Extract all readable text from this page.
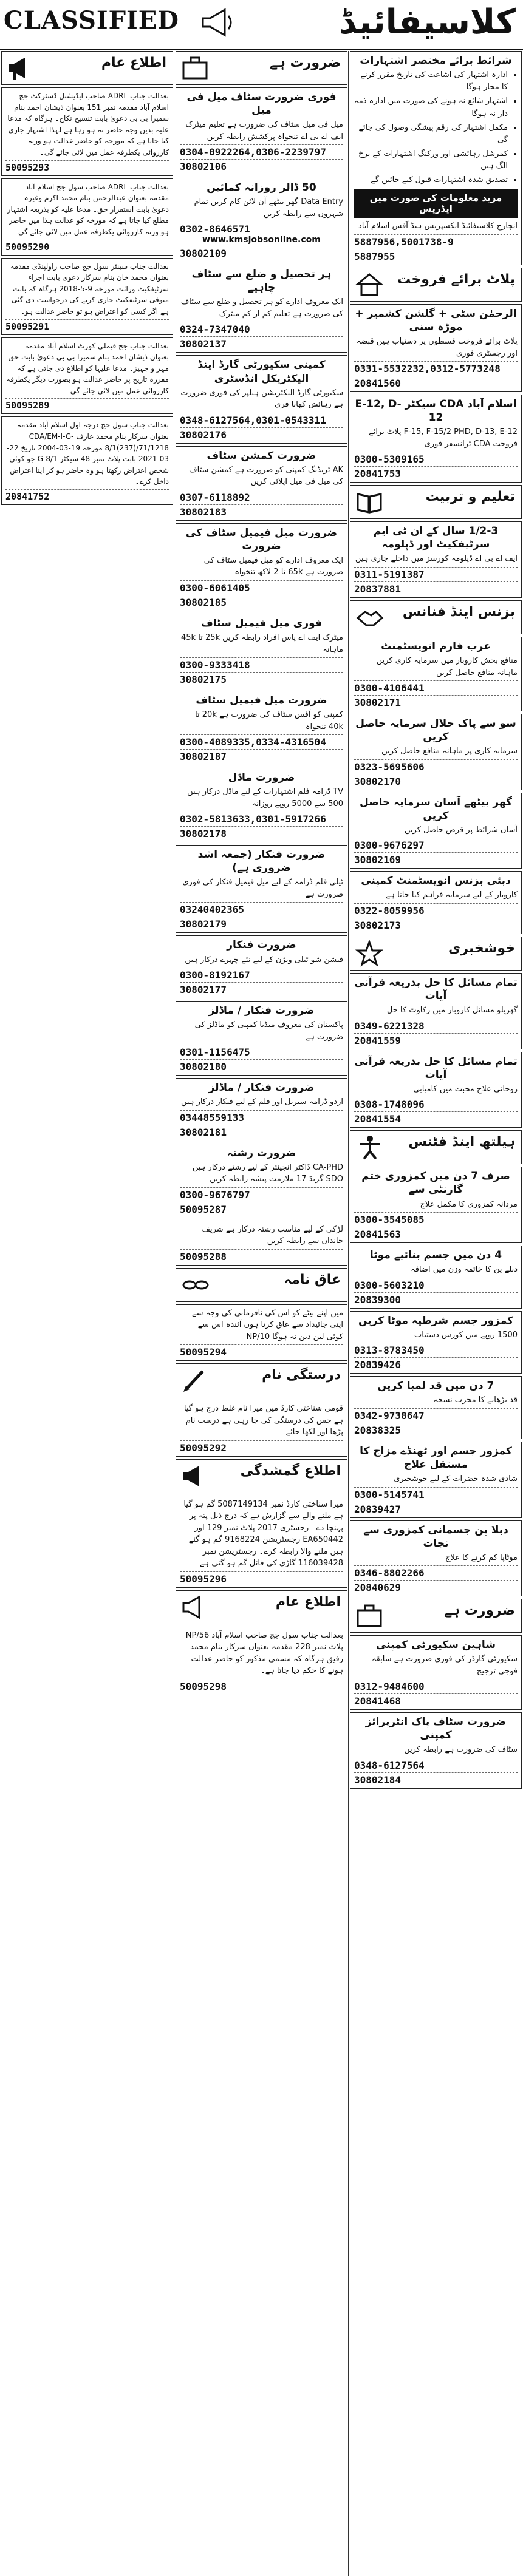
CLASSIFIED	کلاسیفائیڈ
اطلاع عام

بعدالت جناب ADRL صاحب ایڈیشنل ڈسٹرکٹ جج اسلام آباد مقدمہ نمبر 151 بعنوان ذیشان احمد بنام سمیرا بی بی دعویٰ بابت تنسیخ نکاح۔ ہرگاہ کہ مدعا علیہ بدیں وجہ حاضر نہ ہو رہا ہے لہذا اشتہار جاری کیا جاتا ہے کہ مورخہ کو حاضر عدالت ہو ورنہ کارروائی یکطرفہ عمل میں لائی جائے گی۔

50095293

بعدالت جناب ADRL صاحب سول جج اسلام آباد مقدمہ بعنوان عبدالرحمن بنام محمد اکرم وغیرہ دعویٰ بابت استقرار حق۔ مدعا علیہ کو بذریعہ اشتہار مطلع کیا جاتا ہے کہ مورخہ کو عدالت ہذا میں حاضر ہو ورنہ کارروائی یکطرفہ عمل میں لائی جائے گی۔

50095290

بعدالت جناب سینئر سول جج صاحب راولپنڈی مقدمہ بعنوان محمد خان بنام سرکار دعویٰ بابت اجراء سرٹیفکیٹ وراثت مورخہ 9-5-2018 ہرگاہ کہ بابت متوفی سرٹیفکیٹ جاری کرنے کی درخواست دی گئی ہے اگر کسی کو اعتراض ہو تو حاضر عدالت ہو۔

50095291

بعدالت جناب جج فیملی کورٹ اسلام آباد مقدمہ بعنوان ذیشان احمد بنام سمیرا بی بی دعویٰ بابت حق مہر و جہیز۔ مدعا علیہا کو اطلاع دی جاتی ہے کہ مقررہ تاریخ پر حاضر عدالت ہو بصورت دیگر یکطرفہ کارروائی عمل میں لائی جائے گی۔

50095289

بعدالت جناب سول جج درجہ اول اسلام آباد مقدمہ بعنوان سرکار بنام محمد عارف CDA/EM-I-G-8/1(237)/71/1218 مورخہ 19-03-2004 تاریخ 22-03-2021 بابت پلاٹ نمبر 48 سیکٹر G-8/1 جو کوئی شخص اعتراض رکھتا ہو وہ حاضر ہو کر اپنا اعتراض داخل کرے۔

20841752
ضرورت ہے
فوری ضرورت سٹاف میل فی میل

میل فی میل سٹاف کی ضرورت ہے تعلیم میٹرک ایف اے بی اے تنخواہ پرکشش رابطہ کریں

0304-0922264,0306-2239797
30802106
50 ڈالر روزانہ کمائیں

Data Entry گھر بیٹھے آن لائن کام کریں تمام شہروں سے رابطہ کریں

0302-8646571
www.kmsjobsonline.com
30802109
ہر تحصیل و ضلع سے سٹاف چاہیے

ایک معروف ادارے کو ہر تحصیل و ضلع سے سٹاف کی ضرورت ہے تعلیم کم از کم میٹرک

0324-7347040
30802137
کمپنی سکیورٹی گارڈ اینڈ الیکٹریکل انڈسٹری

سکیورٹی گارڈ الیکٹریشن ہیلپر کی فوری ضرورت ہے رہائش کھانا فری

0348-6127564,0301-0543311
30802176
ضرورت کمشن سٹاف

AK ٹریڈنگ کمپنی کو ضرورت ہے کمشن سٹاف کی میل فی میل اپلائی کریں

0307-6118892
30802183
ضرورت میل فیمیل سٹاف کی ضرورت

ایک معروف ادارے کو میل فیمیل سٹاف کی ضرورت ہے 65k تا 2 لاکھ تنخواہ

0300-6061405
30802185
فوری میل فیمیل سٹاف

میٹرک ایف اے پاس افراد رابطہ کریں 25k تا 45k ماہانہ

0300-9333418
30802175
ضرورت میل فیمیل سٹاف

کمپنی کو آفس سٹاف کی ضرورت ہے 20k تا 40k تنخواہ

0300-4089335,0334-4316504
30802187
ضرورت ماڈل

TV ڈرامہ فلم اشتہارات کے لیے ماڈل درکار ہیں 500 سے 5000 روپے روزانہ

0302-5813633,0301-5917266
30802178
ضرورت فنکار (جمعہ اشد ضروری ہے)

ٹیلی فلم ڈرامہ کے لیے میل فیمیل فنکار کی فوری ضرورت ہے

03240402365
30802179
ضرورت فنکار

فیشن شو ٹیلی ویژن کے لیے نئے چہرے درکار ہیں

0300-8192167
30802177
ضرورت فنکار / ماڈلز

پاکستان کی معروف میڈیا کمپنی کو ماڈلز کی ضرورت ہے

0301-1156475
30802180
ضرورت فنکار / ماڈلز

اردو ڈرامہ سیریل اور فلم کے لیے فنکار درکار ہیں

03448559133
30802181
ضرورت رشتہ

CA-PHD ڈاکٹر انجینئر کے لیے رشتے درکار ہیں SDO گریڈ 17 ملازمت پیشہ رابطہ کریں

0300-9676797
50095287

لڑکی کے لیے مناسب رشتہ درکار ہے شریف خاندان سے رابطہ کریں

50095288
عاق نامہ

میں اپنے بیٹے کو اس کی نافرمانی کی وجہ سے اپنی جائیداد سے عاق کرتا ہوں آئندہ اس سے کوئی لین دین نہ ہوگا 10/NP

50095294
درستگی نام

قومی شناختی کارڈ میں میرا نام غلط درج ہو گیا ہے جس کی درستگی کی جا رہی ہے درست نام پڑھا اور لکھا جائے

50095292
اطلاع گمشدگی

میرا شناختی کارڈ نمبر 5087149134 گم ہو گیا ہے ملنے والے سے گزارش ہے کہ درج ذیل پتہ پر پہنچا دے۔ رجسٹری 2017 پلاٹ نمبر 129 اور EA650442 رجسٹریشن 9168224 گم ہو گئے ہیں ملنے والا رابطہ کرے۔ رجسٹریشن نمبر 116039428 گاڑی کی فائل گم ہو گئی ہے۔

50095296
اطلاع عام

بعدالت جناب سول جج صاحب اسلام آباد 56/NP پلاٹ نمبر 228 مقدمہ بعنوان سرکار بنام محمد رفیق ہرگاہ کہ مسمی مذکور کو حاضر عدالت ہونے کا حکم دیا جاتا ہے۔

50095298
شرائط برائے مختصر اشتہارات
• ادارہ اشتہار کی اشاعت کی تاریخ مقرر کرنے کا مجاز ہوگا
• اشتہار شائع نہ ہونے کی صورت میں ادارہ ذمہ دار نہ ہوگا
• مکمل اشتہار کی رقم پیشگی وصول کی جائے گی
• کمرشل رہائشی اور ورکنگ اشتہارات کے نرخ الگ ہیں
• تصدیق شدہ اشتہارات قبول کیے جائیں گے
مزید معلومات کی صورت میں ایڈریس

انچارج کلاسیفائیڈ ایکسپریس ہیڈ آفس اسلام آباد

5887956,5001738-9
5887955
پلاٹ برائے فروخت
الرحمٰن سٹی + گلشن کشمیر + موڑہ سنی

پلاٹ برائے فروخت قسطوں پر دستیاب ہیں قبضہ اور رجسٹری فوری

0331-5532232,0312-5773248
20841560
اسلام آباد CDA سیکٹر E-12, D-12

F-15, F-15/2 PHD, D-13, E-12 پلاٹ برائے فروخت CDA ٹرانسفر فوری

0300-5309165
20841753
تعلیم و تربیت
1/2-3 سال کے ان ٹی ایم سرٹیفکیٹ اور ڈپلومہ

ایف اے بی اے ڈپلومہ کورسز میں داخلے جاری ہیں

0311-5191387
20837881
بزنس اینڈ فنانس
عرب فارم انویسٹمنٹ

منافع بخش کاروبار میں سرمایہ کاری کریں ماہانہ منافع حاصل کریں

0300-4106441
30802171
سو سے پاک حلال سرمایہ حاصل کریں

سرمایہ کاری پر ماہانہ منافع حاصل کریں

0323-5695606
30802170
گھر بیٹھے آسان سرمایہ حاصل کریں

آسان شرائط پر قرض حاصل کریں

0300-9676297
30802169
دبئی بزنس انویسٹمنٹ کمپنی

کاروبار کے لیے سرمایہ فراہم کیا جاتا ہے

0322-8059956
30802173
خوشخبری
تمام مسائل کا حل بذریعہ قرآنی آیات

گھریلو مسائل کاروبار میں رکاوٹ کا حل

0349-6221328
20841559
تمام مسائل کا حل بذریعہ قرآنی آیات

روحانی علاج محبت میں کامیابی

0308-1748096
20841554
ہیلتھ اینڈ فٹنس
صرف 7 دن میں کمزوری ختم گارنٹی سے

مردانہ کمزوری کا مکمل علاج

0300-3545085
20841563
4 دن میں جسم بنائیے موٹا

دبلے پن کا خاتمہ وزن میں اضافہ

0300-5603210
20839300
کمزور جسم شرطیہ موٹا کریں

1500 روپے میں کورس دستیاب

0313-8783450
20839426
7 دن میں قد لمبا کریں

قد بڑھانے کا مجرب نسخہ

0342-9738647
20838325
کمزور جسم اور ٹھنڈے مزاج کا مستقل علاج

شادی شدہ حضرات کے لیے خوشخبری

0300-5145741
20839427
دبلا پن جسمانی کمزوری سے نجات

موٹاپا کم کرنے کا علاج

0346-8802266
20840629
ضرورت ہے
شاہین سکیورٹی کمپنی

سکیورٹی گارڈز کی فوری ضرورت ہے سابقہ فوجی ترجیح

0312-9484600
20841468
ضرورت سٹاف پاک انٹرپرائز کمپنی

سٹاف کی ضرورت ہے رابطہ کریں

0348-6127564
30802184
